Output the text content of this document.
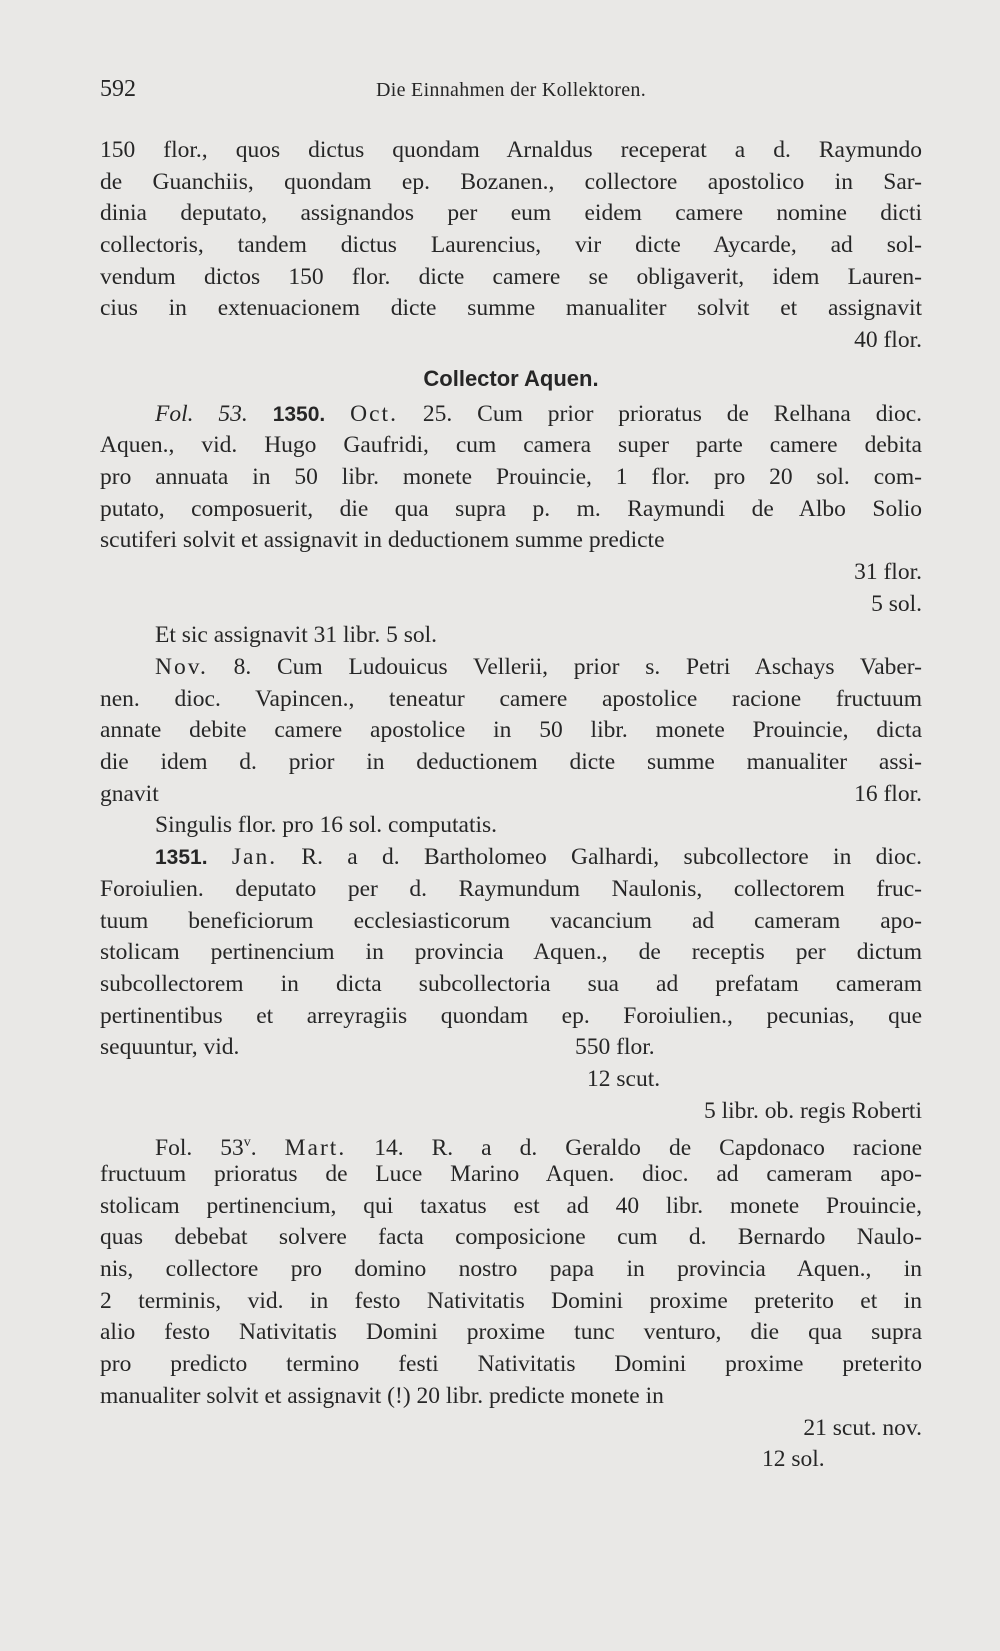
592	Die Einnahmen der Kollektoren.
150 flor., quos dictus quondam Arnaldus receperat a d. Raymundo
de Guanchiis, quondam ep. Bozanen., collectore apostolico in Sar-
dinia deputato, assignandos per eum eidem camere nomine dicti
collectoris, tandem dictus Laurencius, vir dicte Aycarde, ad sol-
vendum dictos 150 flor. dicte camere se obligaverit, idem Lauren-
cius in extenuacionem dicte summe manualiter solvit et assignavit
40 flor.
Collector Aquen.
Fol. 53. 1350. Oct. 25. Cum prior prioratus de Relhana dioc.
Aquen., vid. Hugo Gaufridi, cum camera super parte camere debita
pro annuata in 50 libr. monete Prouincie, 1 flor. pro 20 sol. com-
putato, composuerit, die qua supra p. m. Raymundi de Albo Solio
scutiferi solvit et assignavit in deductionem summe predicte
31 flor.
5 sol.
Et sic assignavit 31 libr. 5 sol.
Nov. 8. Cum Ludouicus Vellerii, prior s. Petri Aschays Vaber-
nen. dioc. Vapincen., teneatur camere apostolice racione fructuum
annate debite camere apostolice in 50 libr. monete Prouincie, dicta
die idem d. prior in deductionem dicte summe manualiter assi-
gnavit	16 flor.
Singulis flor. pro 16 sol. computatis.
1351. Jan. R. a d. Bartholomeo Galhardi, subcollectore in dioc.
Foroiulien. deputato per d. Raymundum Naulonis, collectorem fruc-
tuum beneficiorum ecclesiasticorum vacancium ad cameram apo-
stolicam pertinencium in provincia Aquen., de receptis per dictum
subcollectorem in dicta subcollectoria sua ad prefatam cameram
pertinentibus et arreyragiis quondam ep. Foroiulien., pecunias, que
sequuntur, vid.	550 flor.
12 scut.
5 libr. ob. regis Roberti
Fol. 53$^v$. Mart. 14. R. a d. Geraldo de Capdonaco racione
fructuum prioratus de Luce Marino Aquen. dioc. ad cameram apo-
stolicam pertinencium, qui taxatus est ad 40 libr. monete Prouincie,
quas debebat solvere facta composicione cum d. Bernardo Naulo-
nis, collectore pro domino nostro papa in provincia Aquen., in
2 terminis, vid. in festo Nativitatis Domini proxime preterito et in
alio festo Nativitatis Domini proxime tunc venturo, die qua supra
pro predicto termino festi Nativitatis Domini proxime preterito
manualiter solvit et assignavit (!) 20 libr. predicte monete in
21 scut. nov.
12 sol.
